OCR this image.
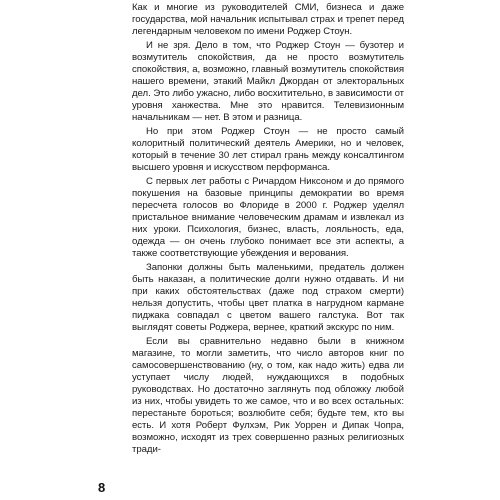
Как и многие из руководителей СМИ, бизнеса и даже государства, мой начальник испытывал страх и трепет перед легендарным человеком по имени Роджер Стоун.

И не зря. Дело в том, что Роджер Стоун — бузотер и возмутитель спокойствия, да не просто возмутитель спокойствия, а, возможно, главный возмутитель спокойствия нашего времени, этакий Майкл Джордан от электоральных дел. Это либо ужасно, либо восхитительно, в зависимости от уровня ханжества. Мне это нравится. Телевизионным начальникам — нет. В этом и разница.

Но при этом Роджер Стоун — не просто самый колоритный политический деятель Америки, но и человек, который в течение 30 лет стирал грань между консалтингом высшего уровня и искусством перформанса.

С первых лет работы с Ричардом Никсоном и до прямого покушения на базовые принципы демократии во время пересчета голосов во Флориде в 2000 г. Роджер уделял пристальное внимание человеческим драмам и извлекал из них уроки. Психология, бизнес, власть, лояльность, еда, одежда — он очень глубоко понимает все эти аспекты, а также соответствующие убеждения и верования.

Запонки должны быть маленькими, предатель должен быть наказан, а политические долги нужно отдавать. И ни при каких обстоятельствах (даже под страхом смерти) нельзя допустить, чтобы цвет платка в нагрудном кармане пиджака совпадал с цветом вашего галстука. Вот так выглядят советы Роджера, вернее, краткий экскурс по ним.

Если вы сравнительно недавно были в книжном магазине, то могли заметить, что число авторов книг по самосовершенствованию (ну, о том, как надо жить) едва ли уступает числу людей, нуждающихся в подобных руководствах. Но достаточно заглянуть под обложку любой из них, чтобы увидеть то же самое, что и во всех остальных: перестаньте бороться; возлюбите себя; будьте тем, кто вы есть. И хотя Роберт Фулхэм, Рик Уоррен и Дипак Чопра, возможно, исходят из трех совершенно разных религиозных тради-

8
